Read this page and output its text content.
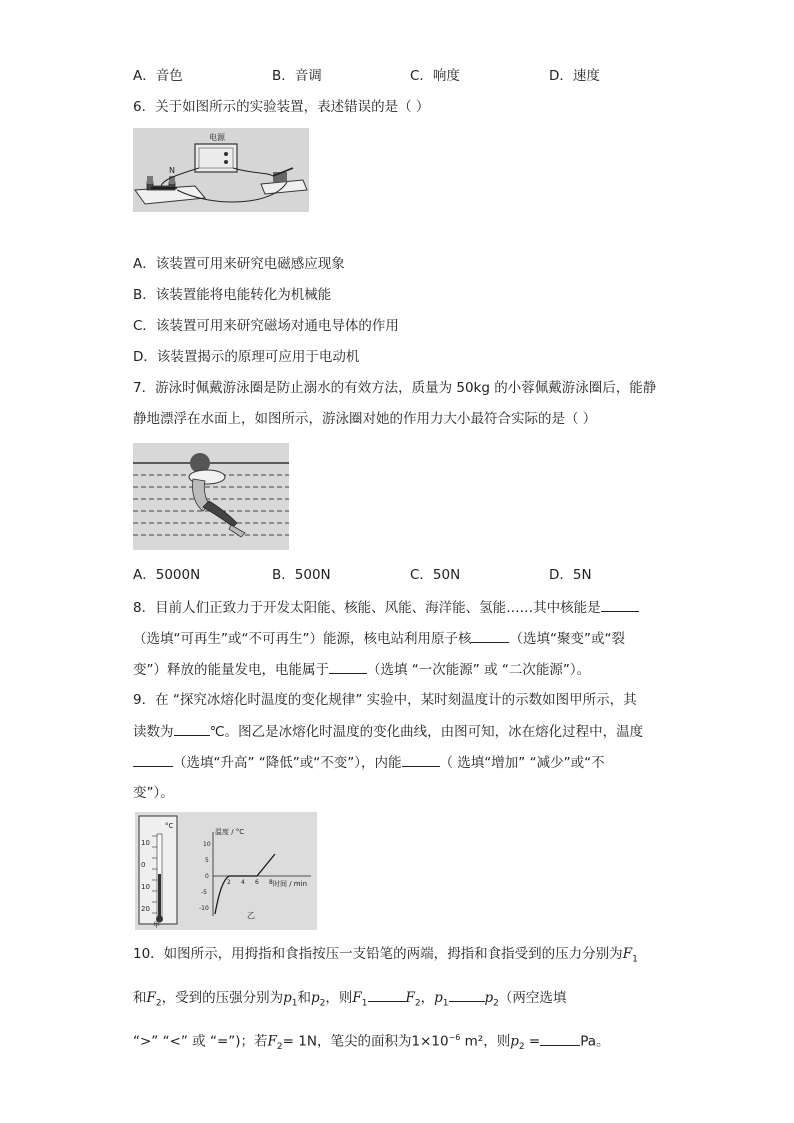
A．音色	B．音调	C．响度	D．速度
6．关于如图所示的实验装置，表述错误的是（ ）
电源
N
A．该装置可用来研究电磁感应现象
B．该装置能将电能转化为机械能
C．该装置可用来研究磁场对通电导体的作用
D．该装置揭示的原理可应用于电动机
7．游泳时佩戴游泳圈是防止溺水的有效方法，质量为 50kg 的小蓉佩戴游泳圈后，能静
静地漂浮在水面上，如图所示，游泳圈对她的作用力大小最符合实际的是（ ）
A．5000N	B．500N	C．50N	D．5N
8．目前人们正致力于开发太阳能、核能、风能、海洋能、氢能……其中核能是
（选填“可再生”或“不可再生”）能源，核电站利用原子核	（选填“聚变”或“裂
变”）释放的能量发电，电能属于	（选填 “一次能源” 或 “二次能源”）。
9．在 “探究冰熔化时温度的变化规律” 实验中，某时刻温度计的示数如图甲所示，其
读数为	℃。图乙是冰熔化时温度的变化曲线，由图可知，冰在熔化过程中，温度
（选填“升高” “降低”或“不变”），内能	（ 选填“增加” “减少”或“不
变”）。
°C
10
0
10
20
甲
温度 / °C
时间 / min
10
5
0
-5
-10
2 4 6 8
乙
10．如图所示，用拇指和食指按压一支铅笔的两端，拇指和食指受到的压力分别为$F_1$
和$F_2$，受到的压强分别为$p_1$和$p_2$，则$F_1$	$F_2$，$p_1$	$p_2$（两空选填
“>” “<” 或 “=”)；若$F_2= 1N$，笔尖的面积为$1\times 10^{-6}$ m²，则$p_2$ =	Pa。
